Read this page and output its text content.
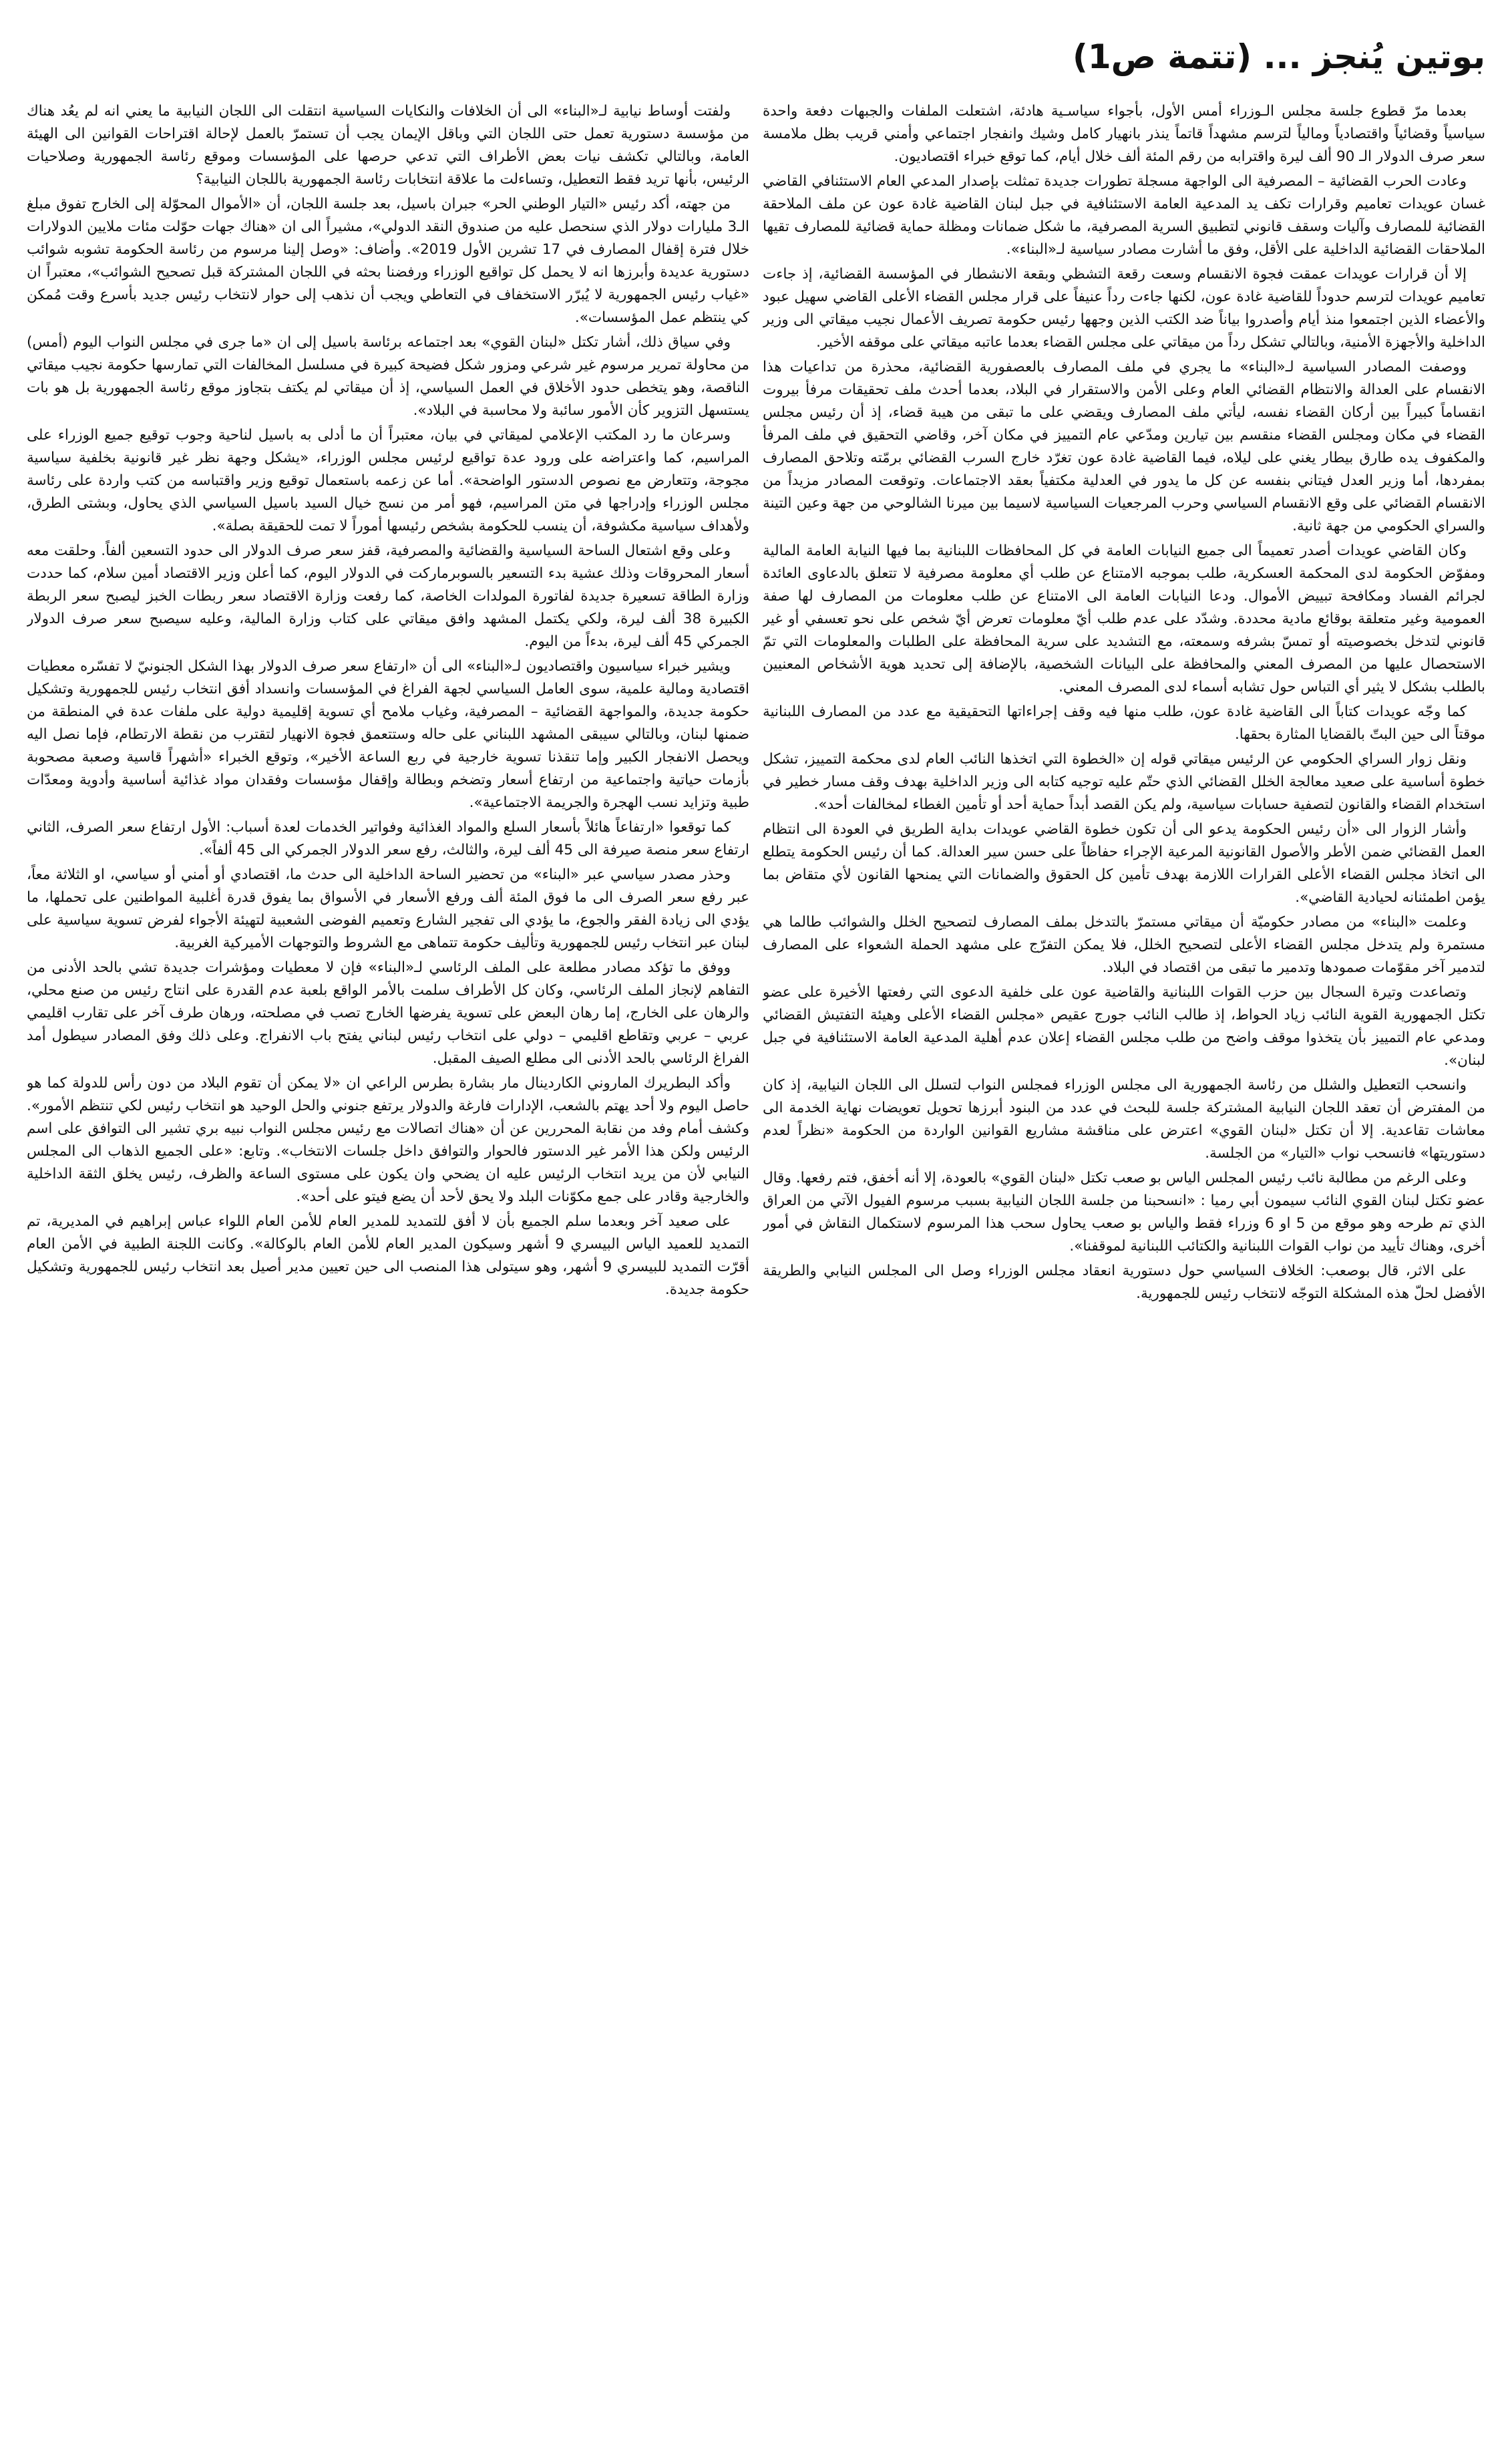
بوتين يُنجز ... (تتمة ص1)

بعدما مرّ قطوع جلسة مجلس الـوزراء أمس الأول، بأجواء سياسـية هادئة، اشتعلت الملفات والجبهات دفعة واحدة سياسياً وقضائياً واقتصادياً ومالياً لترسم مشهداً قاتماً ينذر بانهيار كامل وشيك وانفجار اجتماعي وأمني قريب بظل ملامسة سعر صرف الدولار الـ 90 ألف ليرة واقترابه من رقم المئة ألف خلال أيام، كما توقع خبراء اقتصاديون.

وعادت الحرب القضائية – المصرفية الى الواجهة مسجلة تطورات جديدة تمثلت بإصدار المدعي العام الاستئنافي القاضي غسان عويدات تعاميم وقرارات تكف يد المدعية العامة الاستئنافية في جبل لبنان القاضية غادة عون عن ملف الملاحقة القضائية للمصارف وآليات وسقف قانوني لتطبيق السرية المصرفية، ما شكل ضمانات ومظلة حماية قضائية للمصارف تقيها الملاحقات القضائية الداخلية على الأقل، وفق ما أشارت مصادر سياسية لـ«البناء».

إلا أن قرارات عويدات عمقت فجوة الانقسام وسعت رقعة التشظي وبقعة الانشطار في المؤسسة القضائية، إذ جاءت تعاميم عويدات لترسم حدوداً للقاضية غادة عون، لكنها جاءت رداً عنيفاً على قرار مجلس القضاء الأعلى القاضي سهيل عبود والأعضاء الذين اجتمعوا منذ أيام وأصدروا بياناً ضد الكتب الذين وجهها رئيس حكومة تصريف الأعمال نجيب ميقاتي الى وزير الداخلية والأجهزة الأمنية، وبالتالي تشكل رداً من ميقاتي على مجلس القضاء بعدما عاتبه ميقاتي على موقفه الأخير.

ووصفت المصادر السياسية لـ«البناء» ما يجري في ملف المصارف بالعصفورية القضائية، محذرة من تداعيات هذا الانقسام على العدالة والانتظام القضائي العام وعلى الأمن والاستقرار في البلاد، بعدما أحدث ملف تحقيقات مرفأ بيروت انقساماً كبيراً بين أركان القضاء نفسه، ليأتي ملف المصارف ويقضي على ما تبقى من هيبة قضاء، إذ أن رئيس مجلس القضاء في مكان ومجلس القضاء منقسم بين تيارين ومدّعي عام التمييز في مكان آخر، وقاضي التحقيق في ملف المرفأ والمكفوف يده طارق بيطار يغني على ليلاه، فيما القاضية غادة عون تغرّد خارج السرب القضائي برمّته وتلاحق المصارف بمفردها، أما وزير العدل فيتاني بنفسه عن كل ما يدور في العدلية مكتفياً بعقد الاجتماعات. وتوقعت المصادر مزيداً من الانقسام القضائي على وقع الانقسام السياسي وحرب المرجعيات السياسية لاسيما بين ميرنا الشالوحي من جهة وعين التينة والسراي الحكومي من جهة ثانية.

وكان القاضي عويدات أصدر تعميماً الى جميع النيابات العامة في كل المحافظات اللبنانية بما فيها النيابة العامة المالية ومفوّض الحكومة لدى المحكمة العسكرية، طلب بموجبه الامتناع عن طلب أي معلومة مصرفية لا تتعلق بالدعاوى العائدة لجرائم الفساد ومكافحة تبييض الأموال. ودعا النيابات العامة الى الامتناع عن طلب معلومات من المصارف لها صفة العمومية وغير متعلقة بوقائع مادية محددة. وشدّد على عدم طلب أيّ معلومات تعرض أيّ شخص على نحو تعسفي أو غير قانوني لتدخل بخصوصيته أو تمسّ بشرفه وسمعته، مع التشديد على سرية المحافظة على الطلبات والمعلومات التي تمّ الاستحصال عليها من المصرف المعني والمحافظة على البيانات الشخصية، بالإضافة إلى تحديد هوية الأشخاص المعنيين بالطلب بشكل لا يثير أي التباس حول تشابه أسماء لدى المصرف المعني.

كما وجّه عويدات كتاباً الى القاضية غادة عون، طلب منها فيه وقف إجراءاتها التحقيقية مع عدد من المصارف اللبنانية موقتاً الى حين البتّ بالقضايا المثارة بحقها.

ونقل زوار السراي الحكومي عن الرئيس ميقاتي قوله إن «الخطوة التي اتخذها النائب العام لدى محكمة التمييز، تشكل خطوة أساسية على صعيد معالجة الخلل القضائي الذي حتّم عليه توجيه كتابه الى وزير الداخلية بهدف وقف مسار خطير في استخدام القضاء والقانون لتصفية حسابات سياسية، ولم يكن القصد أبداً حماية أحد أو تأمين الغطاء لمخالفات أحد».

وأشار الزوار الى «أن رئيس الحكومة يدعو الى أن تكون خطوة القاضي عويدات بداية الطريق في العودة الى انتظام العمل القضائي ضمن الأطر والأصول القانونية المرعية الإجراء حفاظاً على حسن سير العدالة. كما أن رئيس الحكومة يتطلع الى اتخاذ مجلس القضاء الأعلى القرارات اللازمة بهدف تأمين كل الحقوق والضمانات التي يمنحها القانون لأي متقاض بما يؤمن اطمئنانه لحيادية القاضي».

وعلمت «البناء» من مصادر حكوميّة أن ميقاتي مستمرّ بالتدخل بملف المصارف لتصحيح الخلل والشوائب طالما هي مستمرة ولم يتدخل مجلس القضاء الأعلى لتصحيح الخلل، فلا يمكن التفرّج على مشهد الحملة الشعواء على المصارف لتدمير آخر مقوّمات صمودها وتدمير ما تبقى من اقتصاد في البلاد.

وتصاعدت وتيرة السجال بين حزب القوات اللبنانية والقاضية عون على خلفية الدعوى التي رفعتها الأخيرة على عضو تكتل الجمهورية القوية النائب زياد الحواط، إذ طالب النائب جورج عقيص «مجلس القضاء الأعلى وهيئة التفتيش القضائي ومدعي عام التمييز بأن يتخذوا موقف واضح من طلب مجلس القضاء إعلان عدم أهلية المدعية العامة الاستئنافية في جبل لبنان».

وانسحب التعطيل والشلل من رئاسة الجمهورية الى مجلس الوزراء فمجلس النواب لتسلل الى اللجان النيابية، إذ كان من المفترض أن تعقد اللجان النيابية المشتركة جلسة للبحث في عدد من البنود أبرزها تحويل تعويضات نهاية الخدمة الى معاشات تقاعدية. إلا أن تكتل «لبنان القوي» اعترض على مناقشة مشاريع القوانين الواردة من الحكومة «نظراً لعدم دستوريتها» فانسحب نواب «التيار» من الجلسة.

وعلى الرغم من مطالبة نائب رئيس المجلس الياس بو صعب تكتل «لبنان القوي» بالعودة، إلا أنه أخفق، فتم رفعها. وقال عضو تكتل لبنان القوي النائب سيمون أبي رميا : «انسحبنا من جلسة اللجان النيابية بسبب مرسوم الفيول الآتي من العراق الذي تم طرحه وهو موقع من 5 او 6 وزراء فقط والياس بو صعب يحاول سحب هذا المرسوم لاستكمال النقاش في أمور أخرى، وهناك تأييد من نواب القوات اللبنانية والكتائب اللبنانية لموقفنا».

على الاثر، قال بوصعب: الخلاف السياسي حول دستورية انعقاد مجلس الوزراء وصل الى المجلس النيابي والطريقة الأفضل لحلّ هذه المشكلة التوجّه لانتخاب رئيس للجمهورية.

ولفتت أوساط نيابية لـ«البناء» الى أن الخلافات والنكايات السياسية انتقلت الى اللجان النيابية ما يعني انه لم يعُد هناك من مؤسسة دستورية تعمل حتى اللجان التي وباقل الإيمان يجب أن تستمرّ بالعمل لإحالة اقتراحات القوانين الى الهيئة العامة، وبالتالي تكشف نيات بعض الأطراف التي تدعي حرصها على المؤسسات وموقع رئاسة الجمهورية وصلاحيات الرئيس، بأنها تريد فقط التعطيل، وتساءلت ما علاقة انتخابات رئاسة الجمهورية باللجان النيابية؟

من جهته، أكد رئيس «التيار الوطني الحر» جبران باسيل، بعد جلسة اللجان، أن «الأموال المحوّلة إلى الخارج تفوق مبلغ الـ3 مليارات دولار الذي سنحصل عليه من صندوق النقد الدولي»، مشيراً الى ان «هناك جهات حوّلت مئات ملايين الدولارات خلال فترة إقفال المصارف في 17 تشرين الأول 2019». وأضاف: «وصل إلينا مرسوم من رئاسة الحكومة تشوبه شوائب دستورية عديدة وأبرزها انه لا يحمل كل تواقيع الوزراء ورفضنا بحثه في اللجان المشتركة قبل تصحيح الشوائب»، معتبراً ان «غياب رئيس الجمهورية لا يُبرّر الاستخفاف في التعاطي ويجب أن نذهب إلى حوار لانتخاب رئيس جديد بأسرع وقت مُمكن كي ينتظم عمل المؤسسات».

وفي سياق ذلك، أشار تكتل «لبنان القوي» بعد اجتماعه برئاسة باسيل إلى ان «ما جرى في مجلس النواب اليوم (أمس) من محاولة تمرير مرسوم غير شرعي ومزور شكل فضيحة كبيرة في مسلسل المخالفات التي تمارسها حكومة نجيب ميقاتي الناقصة، وهو يتخطى حدود الأخلاق في العمل السياسي، إذ أن ميقاتي لم يكتف بتجاوز موقع رئاسة الجمهورية بل هو بات يستسهل التزوير كأن الأمور سائبة ولا محاسبة في البلاد».

وسرعان ما رد المكتب الإعلامي لميقاتي في بيان، معتبراً أن ما أدلى به باسيل لناحية وجوب توقيع جميع الوزراء على المراسيم، كما واعتراضه على ورود عدة تواقيع لرئيس مجلس الوزراء، «يشكل وجهة نظر غير قانونية بخلفية سياسية مجوجة، وتتعارض مع نصوص الدستور الواضحة». أما عن زعمه باستعمال توقيع وزير واقتباسه من كتب واردة على رئاسة مجلس الوزراء وإدراجها في متن المراسيم، فهو أمر من نسج خيال السيد باسيل السياسي الذي يحاول، وبشتى الطرق، ولأهداف سياسية مكشوفة، أن ينسب للحكومة بشخص رئيسها أموراً لا تمت للحقيقة بصلة».

وعلى وقع اشتعال الساحة السياسية والقضائية والمصرفية، قفز سعر صرف الدولار الى حدود التسعين ألفاً. وحلقت معه أسعار المحروقات وذلك عشية بدء التسعير بالسوبرماركت في الدولار اليوم، كما أعلن وزير الاقتصاد أمين سلام، كما حددت وزارة الطاقة تسعيرة جديدة لفاتورة المولدات الخاصة، كما رفعت وزارة الاقتصاد سعر ربطات الخبز ليصبح سعر الربطة الكبيرة 38 ألف ليرة، ولكي يكتمل المشهد وافق ميقاتي على كتاب وزارة المالية، وعليه سيصبح سعر صرف الدولار الجمركي 45 ألف ليرة، بدءاً من اليوم.

ويشير خبراء سياسيون واقتصاديون لـ«البناء» الى أن «ارتفاع سعر صرف الدولار بهذا الشكل الجنونيّ لا تفسّره معطيات اقتصادية ومالية علمية، سوى العامل السياسي لجهة الفراغ في المؤسسات وانسداد أفق انتخاب رئيس للجمهورية وتشكيل حكومة جديدة، والمواجهة القضائية – المصرفية، وغياب ملامح أي تسوية إقليمية دولية على ملفات عدة في المنطقة من ضمنها لبنان، وبالتالي سيبقى المشهد اللبناني على حاله وستتعمق فجوة الانهيار لتقترب من نقطة الارتطام، فإما نصل اليه ويحصل الانفجار الكبير وإما تنقذنا تسوية خارجية في ربع الساعة الأخير»، وتوقع الخبراء «أشهراً قاسية وصعبة مصحوبة بأزمات حياتية واجتماعية من ارتفاع أسعار وتضخم وبطالة وإقفال مؤسسات وفقدان مواد غذائية أساسية وأدوية ومعدّات طبية وتزايد نسب الهجرة والجريمة الاجتماعية».

كما توقعوا «ارتفاعاً هائلاً بأسعار السلع والمواد الغذائية وفواتير الخدمات لعدة أسباب: الأول ارتفاع سعر الصرف، الثاني ارتفاع سعر منصة صيرفة الى 45 ألف ليرة، والثالث، رفع سعر الدولار الجمركي الى 45 ألفاً».

وحذر مصدر سياسي عبر «البناء» من تحضير الساحة الداخلية الى حدث ما، اقتصادي أو أمني أو سياسي، او الثلاثة معاً، عبر رفع سعر الصرف الى ما فوق المئة ألف ورفع الأسعار في الأسواق بما يفوق قدرة أغلبية المواطنين على تحملها، ما يؤدي الى زيادة الفقر والجوع، ما يؤدي الى تفجير الشارع وتعميم الفوضى الشعبية لتهيئة الأجواء لفرض تسوية سياسية على لبنان عبر انتخاب رئيس للجمهورية وتأليف حكومة تتماهى مع الشروط والتوجهات الأميركية الغربية.

ووفق ما تؤكد مصادر مطلعة على الملف الرئاسي لـ«البناء» فإن لا معطيات ومؤشرات جديدة تشي بالحد الأدنى من التفاهم لإنجاز الملف الرئاسي، وكان كل الأطراف سلمت بالأمر الواقع بلعبة عدم القدرة على انتاج رئيس من صنع محلي، والرهان على الخارج، إما رهان البعض على تسوية يفرضها الخارج تصب في مصلحته، ورهان طرف آخر على تقارب اقليمي عربي – عربي وتقاطع اقليمي – دولي على انتخاب رئيس لبناني يفتح باب الانفراج. وعلى ذلك وفق المصادر سيطول أمد الفراغ الرئاسي بالحد الأدنى الى مطلع الصيف المقبل.

وأكد البطريرك الماروني الكاردينال مار بشارة بطرس الراعي ان «لا يمكن أن تقوم البلاد من دون رأس للدولة كما هو حاصل اليوم ولا أحد يهتم بالشعب، الإدارات فارغة والدولار يرتفع جنوني والحل الوحيد هو انتخاب رئيس لكي تنتظم الأمور». وكشف أمام وفد من نقابة المحررين عن أن «هناك اتصالات مع رئيس مجلس النواب نبيه بري تشير الى التوافق على اسم الرئيس ولكن هذا الأمر غير الدستور فالحوار والتوافق داخل جلسات الانتخاب». وتابع: «على الجميع الذهاب الى المجلس النيابي لأن من يريد انتخاب الرئيس عليه ان يضحي وان يكون على مستوى الساعة والظرف، رئيس يخلق الثقة الداخلية والخارجية وقادر على جمع مكوّنات البلد ولا يحق لأحد أن يضع فيتو على أحد».

على صعيد آخر وبعدما سلم الجميع بأن لا أفق للتمديد للمدير العام للأمن العام اللواء عباس إبراهيم في المديرية، تم التمديد للعميد الياس البيسري 9 أشهر وسيكون المدير العام للأمن العام بالوكالة». وكانت اللجنة الطبية في الأمن العام أقرّت التمديد للبيسري 9 أشهر، وهو سيتولى هذا المنصب الى حين تعيين مدير أصيل بعد انتخاب رئيس للجمهورية وتشكيل حكومة جديدة.
